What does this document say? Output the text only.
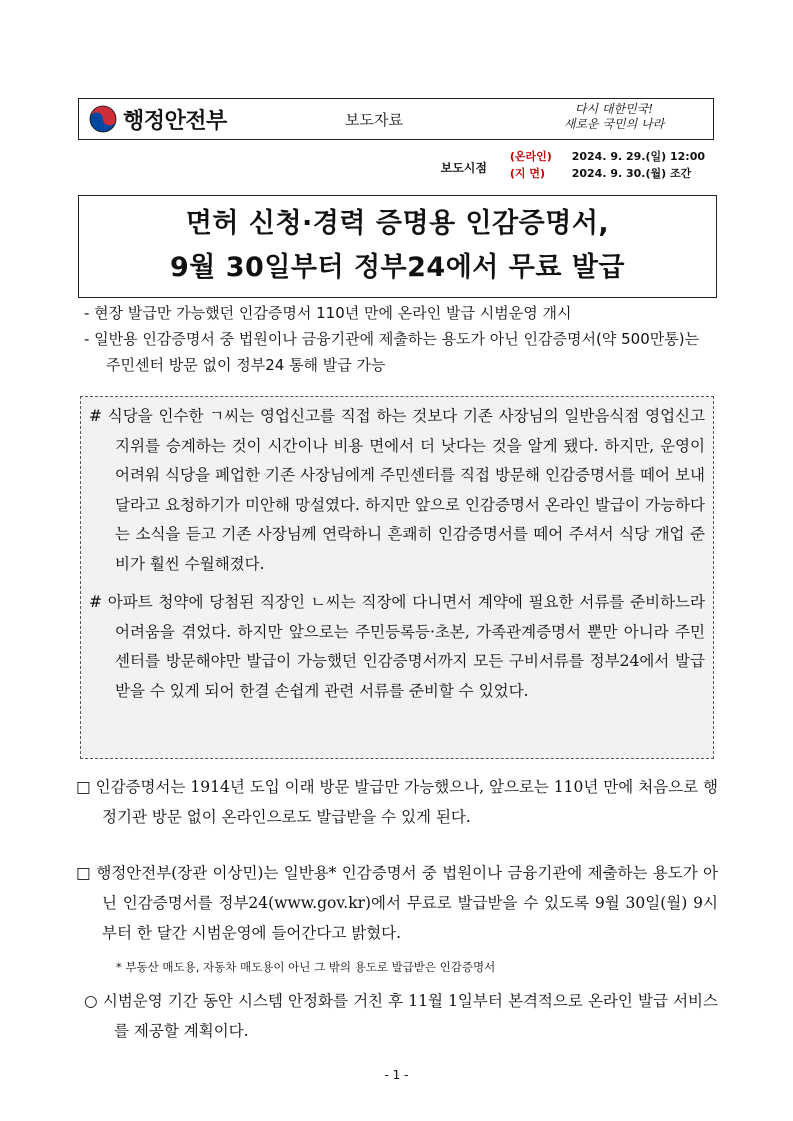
행정안전부	보도자료
다시 대한민국!
새로운 국민의 나라
보도시점
(온라인) 2024. 9. 29.(일) 12:00
(지 면) 2024. 9. 30.(월) 조간
면허 신청·경력 증명용 인감증명서,
9월 30일부터 정부24에서 무료 발급
- 현장 발급만 가능했던 인감증명서 110년 만에 온라인 발급 시범운영 개시
- 일반용 인감증명서 중 법원이나 금융기관에 제출하는 용도가 아닌 인감증명서(약 500만통)는 주민센터 방문 없이 정부24 통해 발급 가능
# 식당을 인수한 ㄱ씨는 영업신고를 직접 하는 것보다 기존 사장님의 일반음식점 영업신고 지위를 승계하는 것이 시간이나 비용 면에서 더 낫다는 것을 알게 됐다. 하지만, 운영이 어려워 식당을 폐업한 기존 사장님에게 주민센터를 직접 방문해 인감증명서를 떼어 보내달라고 요청하기가 미안해 망설였다. 하지만 앞으로 인감증명서 온라인 발급이 가능하다는 소식을 듣고 기존 사장님께 연락하니 흔쾌히 인감증명서를 떼어 주셔서 식당 개업 준비가 훨씬 수월해졌다.
# 아파트 청약에 당첨된 직장인 ㄴ씨는 직장에 다니면서 계약에 필요한 서류를 준비하느라 어려움을 겪었다. 하지만 앞으로는 주민등록등·초본, 가족관계증명서 뿐만 아니라 주민센터를 방문해야만 발급이 가능했던 인감증명서까지 모든 구비서류를 정부24에서 발급받을 수 있게 되어 한결 손쉽게 관련 서류를 준비할 수 있었다.
□ 인감증명서는 1914년 도입 이래 방문 발급만 가능했으나, 앞으로는 110년 만에 처음으로 행정기관 방문 없이 온라인으로도 발급받을 수 있게 된다.
□ 행정안전부(장관 이상민)는 일반용* 인감증명서 중 법원이나 금융기관에 제출하는 용도가 아닌 인감증명서를 정부24(www.gov.kr)에서 무료로 발급받을 수 있도록 9월 30일(월) 9시부터 한 달간 시범운영에 들어간다고 밝혔다.
* 부동산 매도용, 자동차 매도용이 아닌 그 밖의 용도로 발급받은 인감증명서
○ 시범운영 기간 동안 시스템 안정화를 거친 후 11월 1일부터 본격적으로 온라인 발급 서비스를 제공할 계획이다.
- 1 -
